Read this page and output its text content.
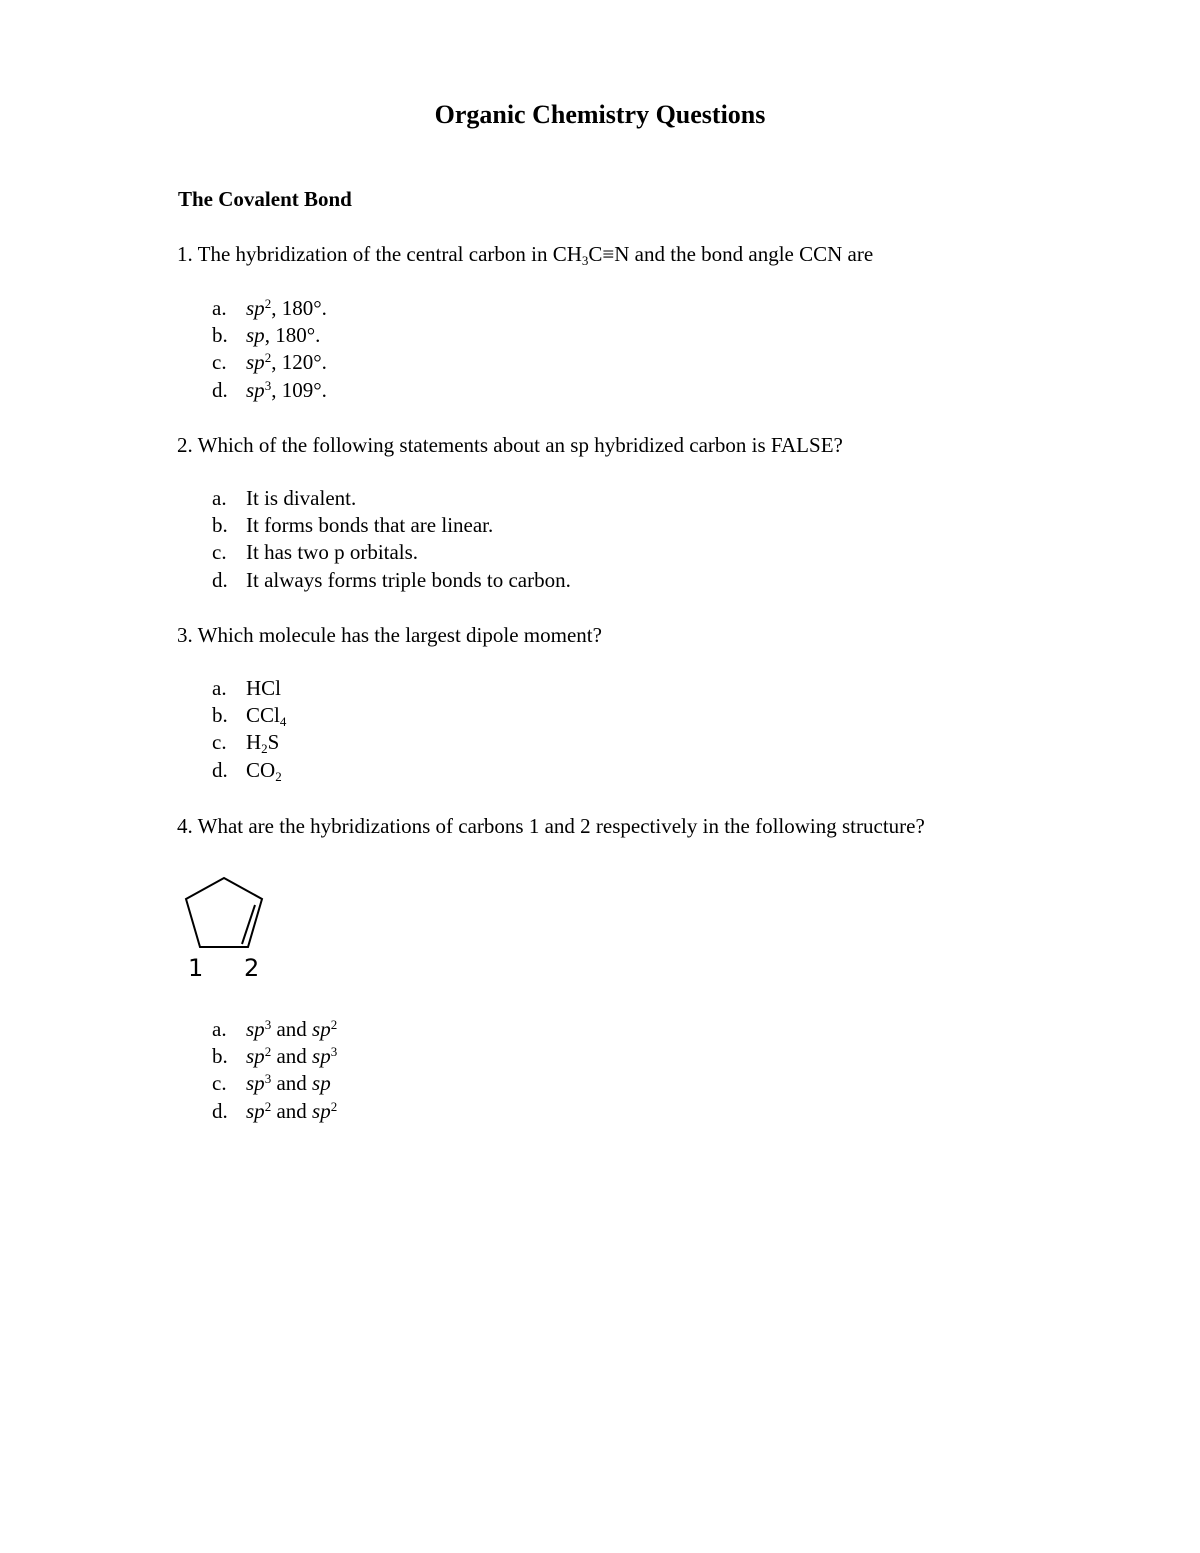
Organic Chemistry Questions
The Covalent Bond

1. The hybridization of the central carbon in $CH_3C\equiv N$ and the bond angle CCN are

a. $sp^2$, 180°.
b. sp, 180°.
c. $sp^2$, 120°.
d. $sp^3$, 109°.

2. Which of the following statements about an sp hybridized carbon is FALSE?

a. It is divalent.
b. It forms bonds that are linear.
c. It has two p orbitals.
d. It always forms triple bonds to carbon.

3. Which molecule has the largest dipole moment?

a. HCl
b. CCl$_4$
c. $H_2S$
d. $CO_2$

4. What are the hybridizations of carbons 1 and 2 respectively in the following structure?

1 2
a. $sp^3$ and $sp^2$
b. $sp^2$ and $sp^3$
c. $sp^3$ and sp
d. $sp^2$ and $sp^2$
